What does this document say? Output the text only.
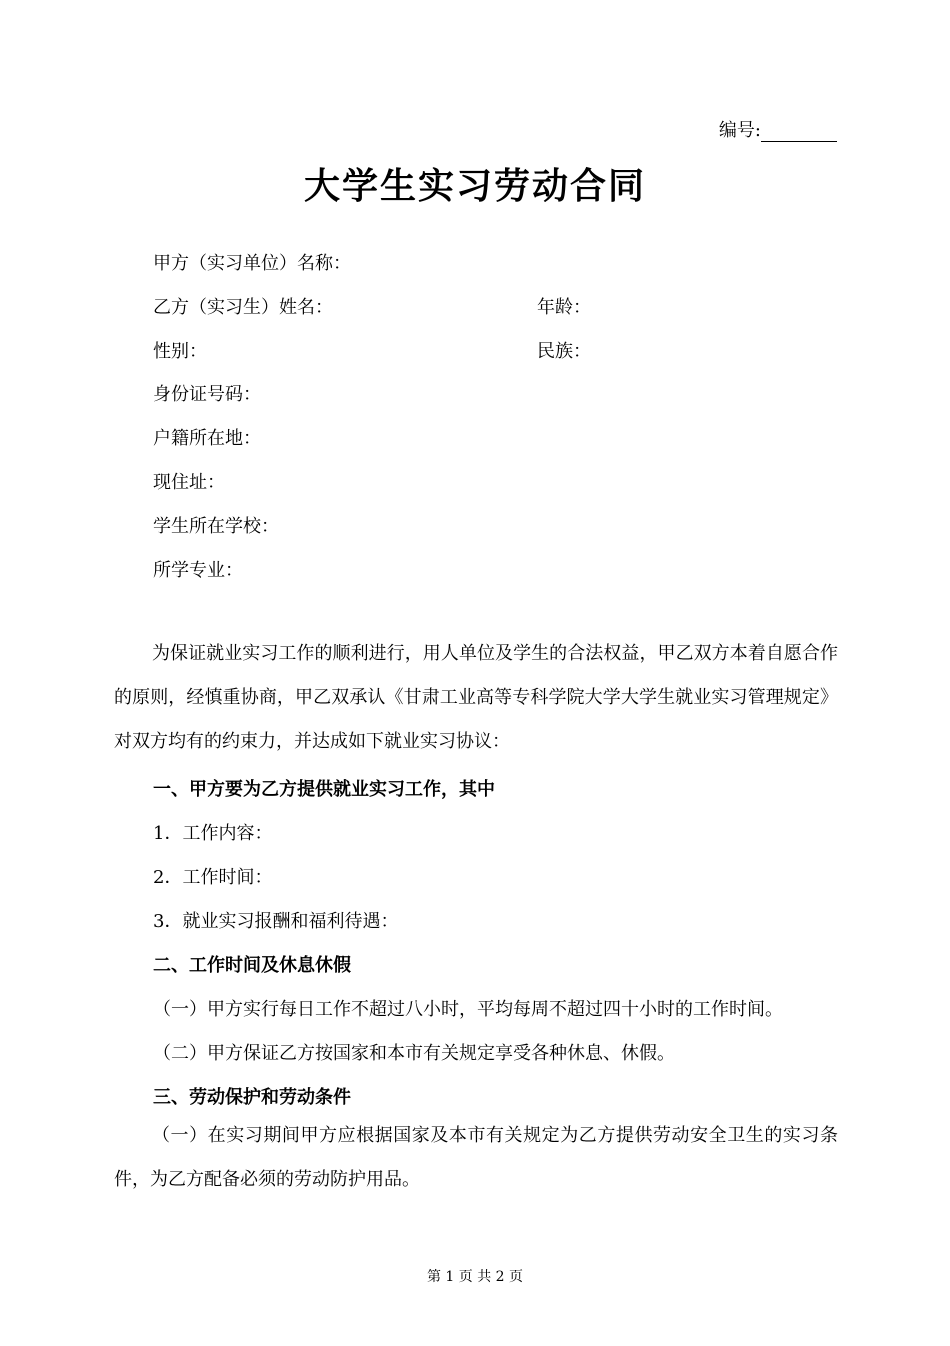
编号:
大学生实习劳动合同
甲方（实习单位）名称：
乙方（实习生）姓名：	年龄：
性别：	民族：
身份证号码：
户籍所在地：
现住址：
学生所在学校：
所学专业：
为保证就业实习工作的顺利进行，用人单位及学生的合法权益，甲乙双方本着自愿合作的原则，经慎重协商，甲乙双承认《甘肃工业高等专科学院大学大学生就业实习管理规定》对双方均有的约束力，并达成如下就业实习协议：
一、甲方要为乙方提供就业实习工作，其中
1．工作内容：
2．工作时间：
3．就业实习报酬和福利待遇：
二、工作时间及休息休假
（一）甲方实行每日工作不超过八小时，平均每周不超过四十小时的工作时间。
（二）甲方保证乙方按国家和本市有关规定享受各种休息、休假。
三、劳动保护和劳动条件
（一）在实习期间甲方应根据国家及本市有关规定为乙方提供劳动安全卫生的实习条件，为乙方配备必须的劳动防护用品。
第 1 页 共 2 页
